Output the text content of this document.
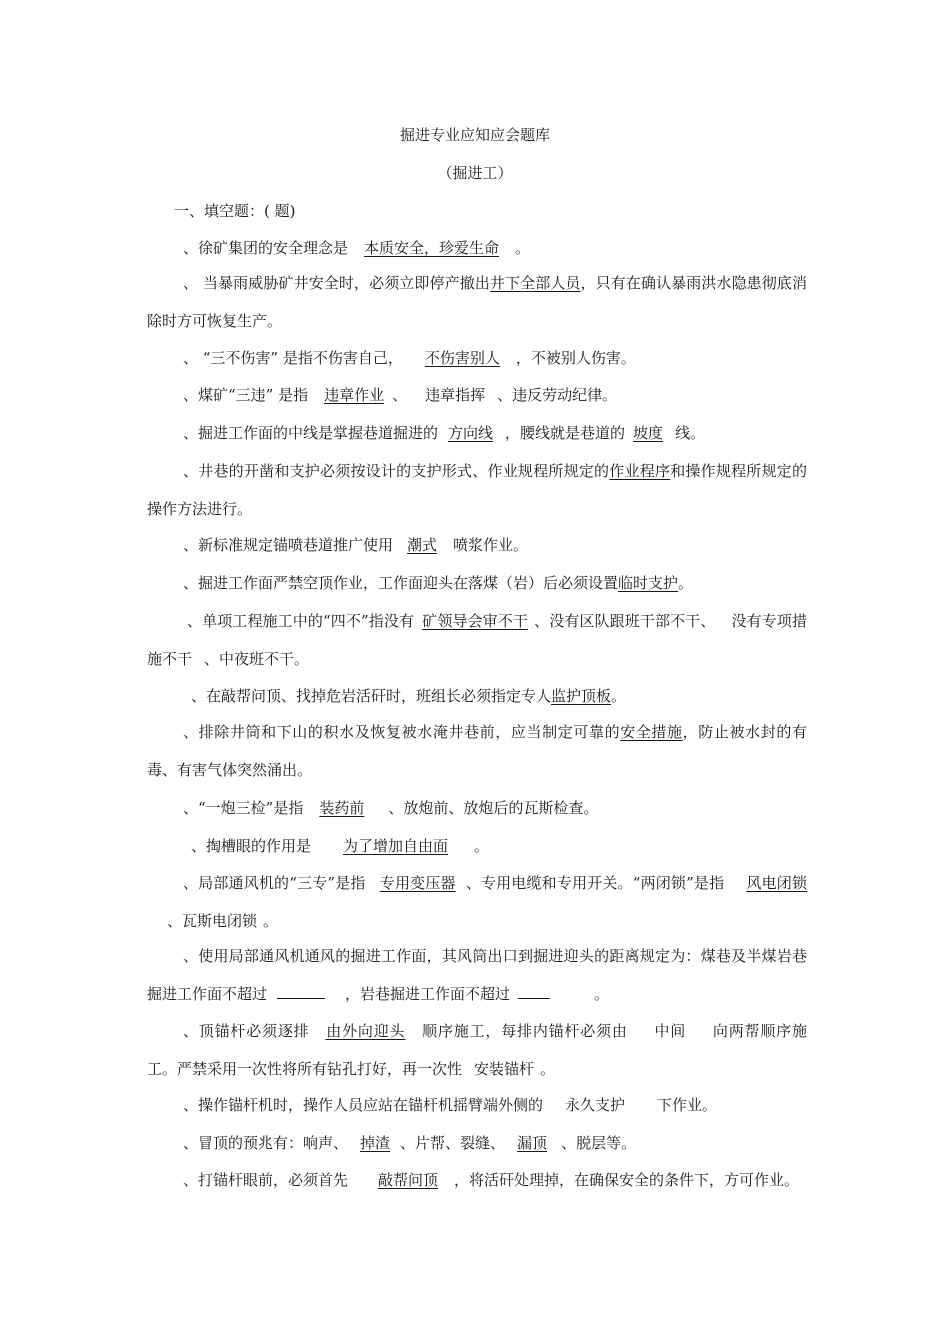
掘进专业应知应会题库
（掘进工）
一、填空题：( 题)

、徐矿集团的安全理念是 本质安全，珍爱生命 。

、 当暴雨威胁矿井安全时，必须立即停产撤出井下全部人员，只有在确认暴雨洪水隐患彻底消除时方可恢复生产。

、 “三不伤害” 是指不伤害自己， 不伤害别人 ，不被别人伤害。

、煤矿“三违” 是指 违章作业 、 违章指挥 、违反劳动纪律。

、掘进工作面的中线是掌握巷道掘进的 方向线 ，腰线就是巷道的 坡度 线。

、井巷的开凿和支护必须按设计的支护形式、作业规程所规定的作业程序和操作规程所规定的操作方法进行。

、新标准规定锚喷巷道推广使用 潮式 喷浆作业。

、掘进工作面严禁空顶作业，工作面迎头在落煤（岩）后必须设置临时支护。

、单项工程施工中的“四不”指没有 矿领导会审不干 、没有区队跟班干部不干、 没有专项措施不干 、中夜班不干。

、在敲帮问顶、找掉危岩活矸时，班组长必须指定专人监护顶板。

、排除井筒和下山的积水及恢复被水淹井巷前，应当制定可靠的安全措施，防止被水封的有毒、有害气体突然涌出。

、“一炮三检”是指 装药前 、放炮前、放炮后的瓦斯检查。

、掏槽眼的作用是 为了增加自由面 。

、局部通风机的“三专”是指 专用变压器 、专用电缆和专用开关。“两闭锁”是指 风电闭锁、瓦斯电闭锁 。

、使用局部通风机通风的掘进工作面，其风筒出口到掘进迎头的距离规定为：煤巷及半煤岩巷掘进工作面不超过	，岩巷掘进工作面不超过	。

、顶锚杆必须逐排 由外向迎头 顺序施工，每排内锚杆必须由 中间 向两帮顺序施工。严禁采用一次性将所有钻孔打好，再一次性 安装锚杆 。

、操作锚杆机时，操作人员应站在锚杆机摇臂端外侧的 永久支护 下作业。

、冒顶的预兆有：响声、 掉渣 、片帮、裂缝、 漏顶 、脱层等。

、打锚杆眼前，必须首先 敲帮问顶 ，将活矸处理掉，在确保安全的条件下，方可作业。
